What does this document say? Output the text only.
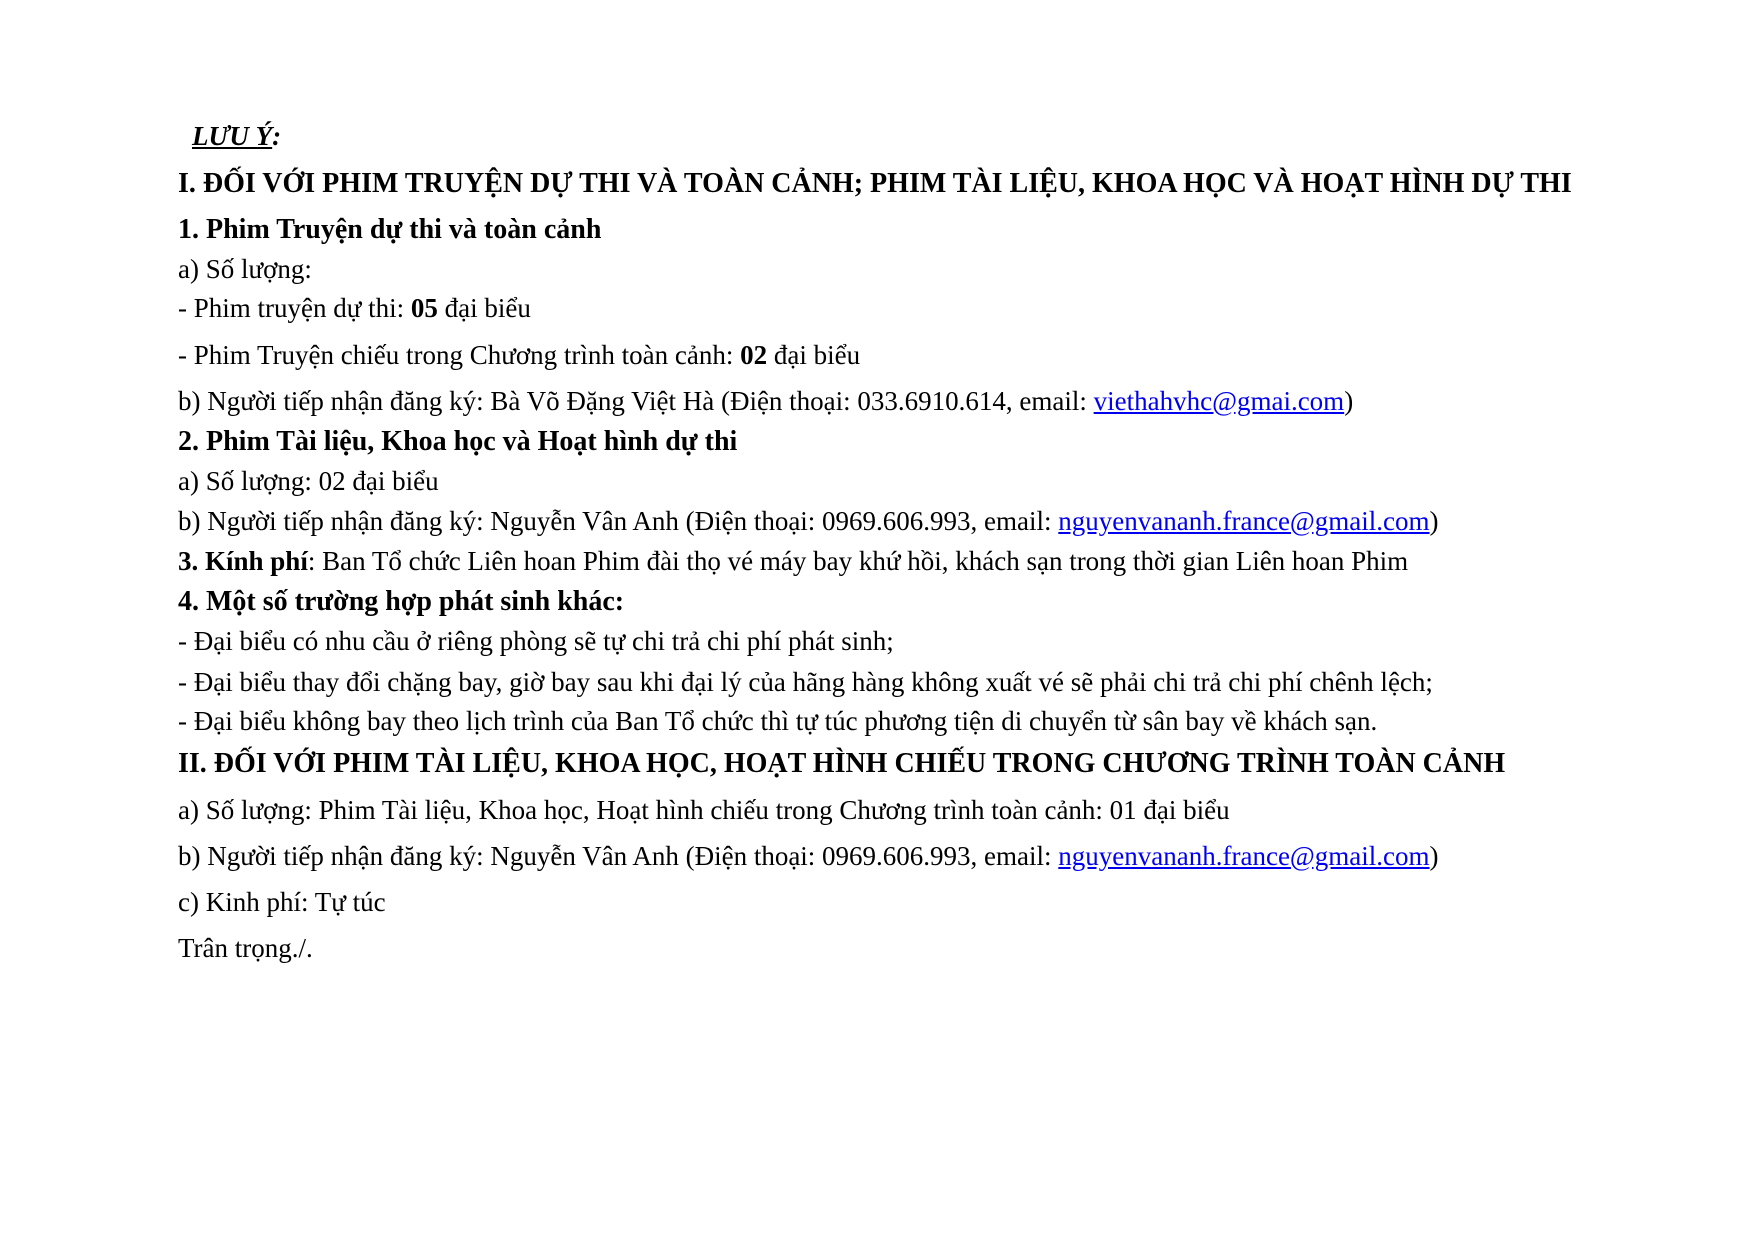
LƯU Ý:
I. ĐỐI VỚI PHIM TRUYỆN DỰ THI VÀ TOÀN CẢNH; PHIM TÀI LIỆU, KHOA HỌC VÀ HOẠT HÌNH DỰ THI
1. Phim Truyện dự thi và toàn cảnh
a) Số lượng:
- Phim truyện dự thi: 05 đại biểu
- Phim Truyện chiếu trong Chương trình toàn cảnh: 02 đại biểu
b) Người tiếp nhận đăng ký: Bà Võ Đặng Việt Hà (Điện thoại: 033.6910.614, email: viethahvhc@gmai.com)
2. Phim Tài liệu, Khoa học và Hoạt hình dự thi
a) Số lượng: 02 đại biểu
b) Người tiếp nhận đăng ký: Nguyễn Vân Anh (Điện thoại: 0969.606.993, email: nguyenvananh.france@gmail.com)
3. Kính phí: Ban Tổ chức Liên hoan Phim đài thọ vé máy bay khứ hồi, khách sạn trong thời gian Liên hoan Phim
4. Một số trường hợp phát sinh khác:
- Đại biểu có nhu cầu ở riêng phòng sẽ tự chi trả chi phí phát sinh;
- Đại biểu thay đổi chặng bay, giờ bay sau khi đại lý của hãng hàng không xuất vé sẽ phải chi trả chi phí chênh lệch;
- Đại biểu không bay theo lịch trình của Ban Tổ chức thì tự túc phương tiện di chuyển từ sân bay về khách sạn.
II. ĐỐI VỚI PHIM TÀI LIỆU, KHOA HỌC, HOẠT HÌNH CHIẾU TRONG CHƯƠNG TRÌNH TOÀN CẢNH
a) Số lượng: Phim Tài liệu, Khoa học, Hoạt hình chiếu trong Chương trình toàn cảnh: 01 đại biểu
b) Người tiếp nhận đăng ký: Nguyễn Vân Anh (Điện thoại: 0969.606.993, email: nguyenvananh.france@gmail.com)
c) Kinh phí: Tự túc
Trân trọng./.
